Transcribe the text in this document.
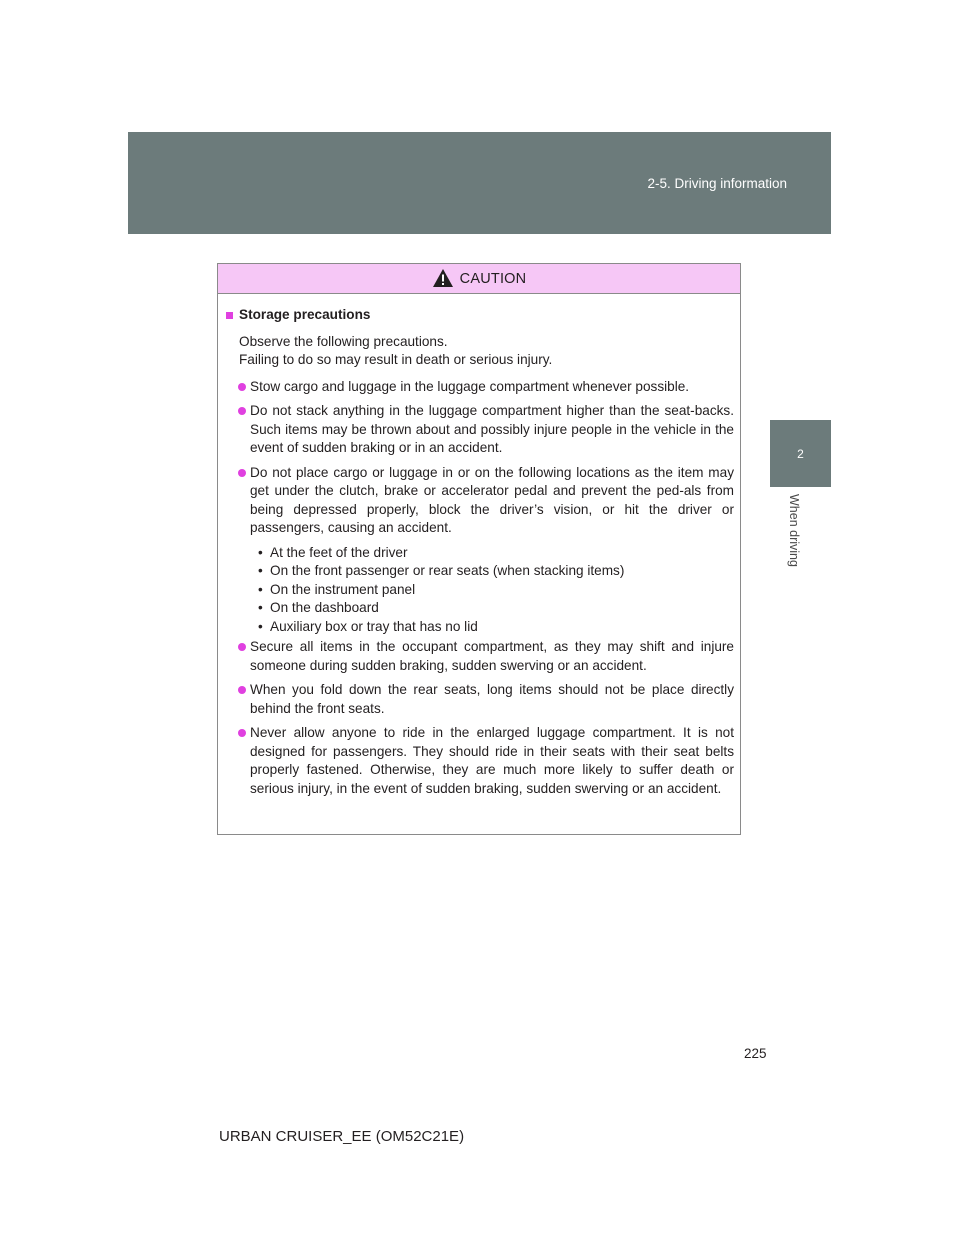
2-5. Driving information
2
When driving
CAUTION
Storage precautions
Observe the following precautions.
Failing to do so may result in death or serious injury.
Stow cargo and luggage in the luggage compartment whenever possible.
Do not stack anything in the luggage compartment higher than the seat-backs. Such items may be thrown about and possibly injure people in the vehicle in the event of sudden braking or in an accident.
Do not place cargo or luggage in or on the following locations as the item may get under the clutch, brake or accelerator pedal and prevent the ped-als from being depressed properly, block the driver’s vision, or hit the driver or passengers, causing an accident.
• At the feet of the driver
• On the front passenger or rear seats (when stacking items)
• On the instrument panel
• On the dashboard
• Auxiliary box or tray that has no lid
Secure all items in the occupant compartment, as they may shift and injure someone during sudden braking, sudden swerving or an accident.
When you fold down the rear seats, long items should not be place directly behind the front seats.
Never allow anyone to ride in the enlarged luggage compartment. It is not designed for passengers. They should ride in their seats with their seat belts properly fastened. Otherwise, they are much more likely to suffer death or serious injury, in the event of sudden braking, sudden swerving or an accident.
225
URBAN CRUISER_EE (OM52C21E)
